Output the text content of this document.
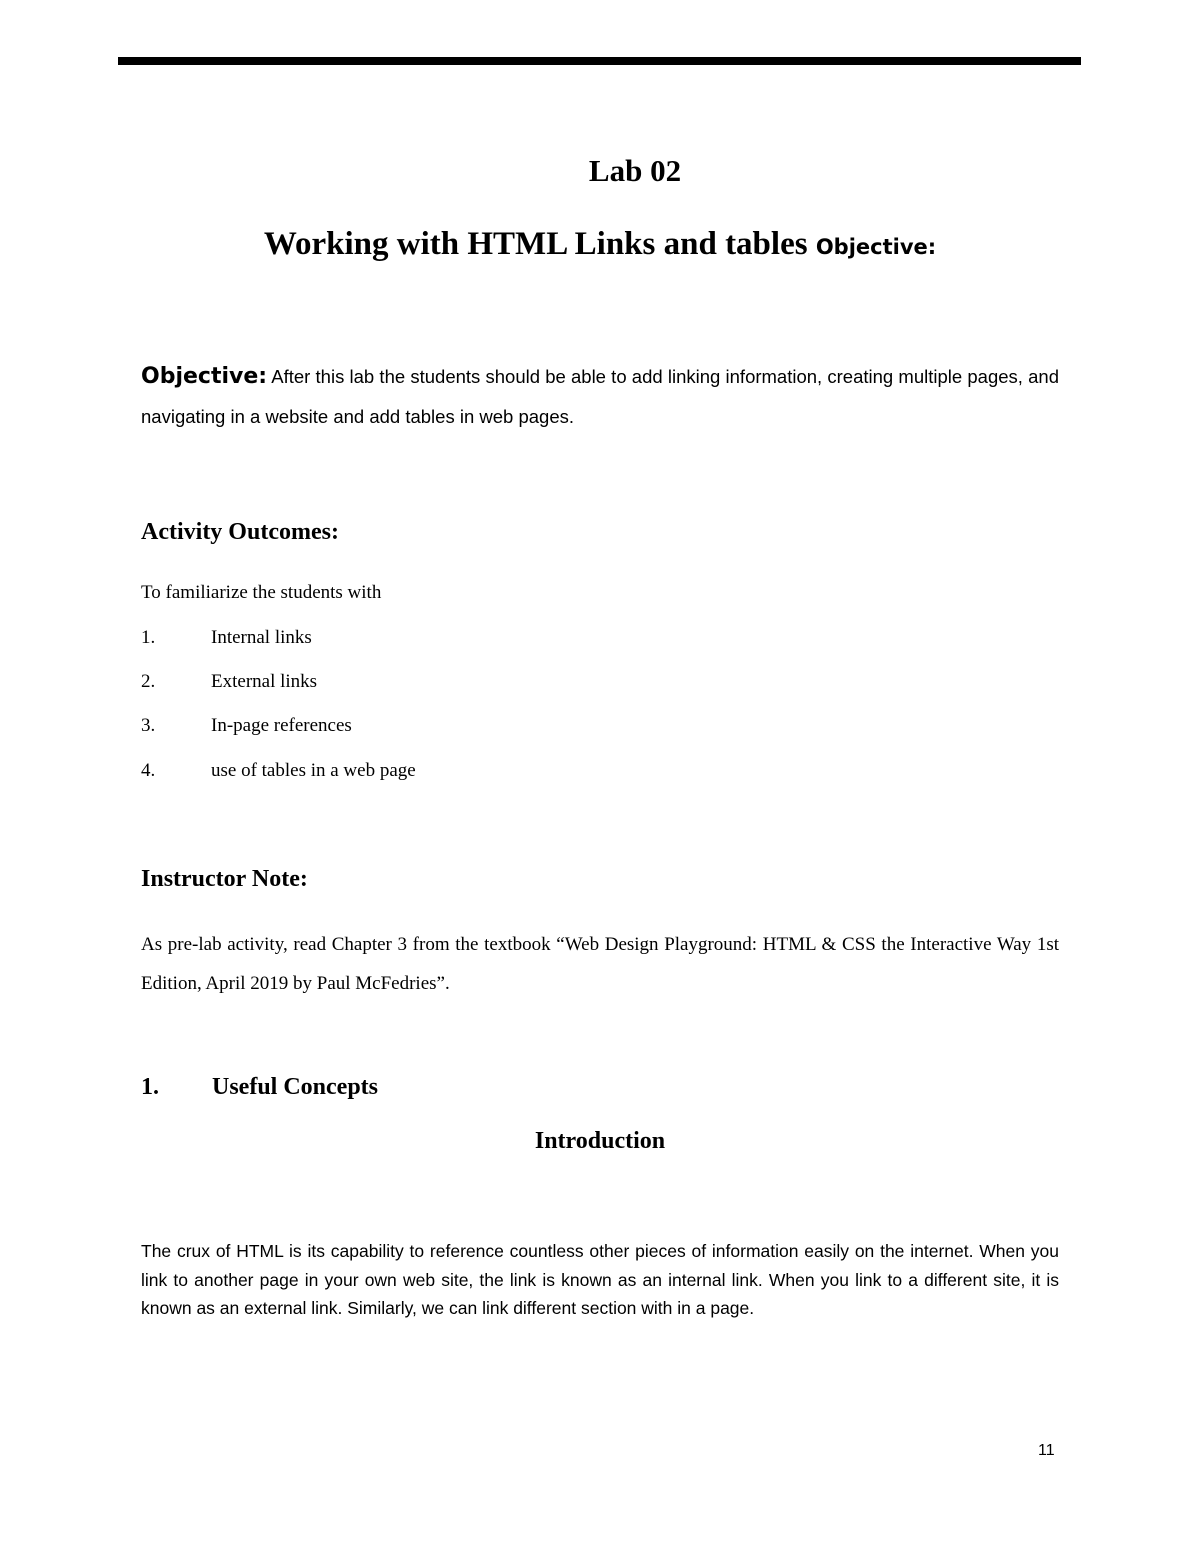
Lab 02
Working with HTML Links and tables Objective:

Objective: After this lab the students should be able to add linking information, creating multiple pages, and navigating in a website and add tables in web pages.

Activity Outcomes:
To familiarize the students with
1.	Internal links
2.	External links
3.	In-page references
4.	use of tables in a web page
Instructor Note:

As pre-lab activity, read Chapter 3 from the textbook “Web Design Playground: HTML & CSS the Interactive Way 1st Edition, April 2019 by Paul McFedries”.

1. Useful Concepts
Introduction

The crux of HTML is its capability to reference countless other pieces of information easily on the internet. When you link to another page in your own web site, the link is known as an internal link. When you link to a different site, it is known as an external link. Similarly, we can link different section with in a page.

11
